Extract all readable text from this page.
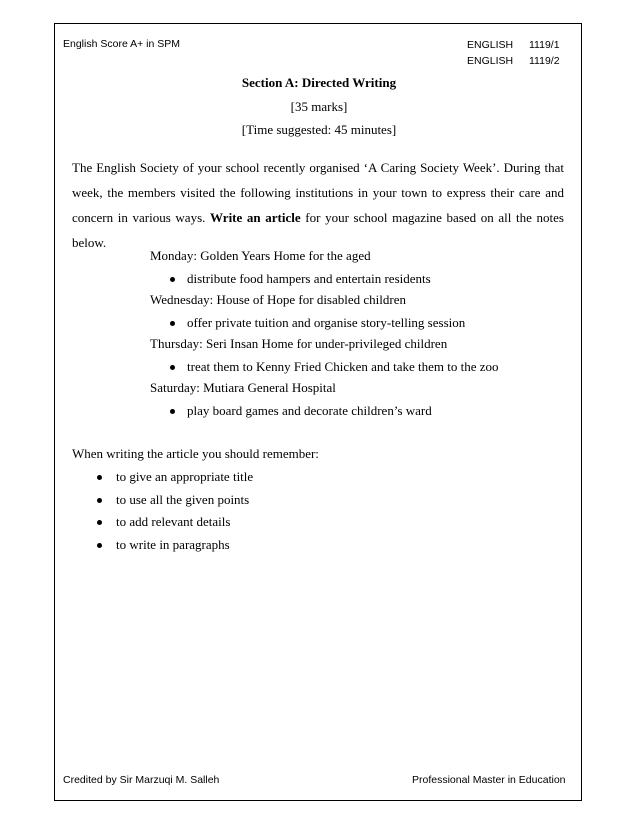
English Score A+ in SPM	ENGLISH	1119/1
ENGLISH	1119/2
Section A: Directed Writing
[35 marks]
[Time suggested: 45 minutes]
The English Society of your school recently organised ‘A Caring Society Week’. During that week, the members visited the following institutions in your town to express their care and concern in various ways. Write an article for your school magazine based on all the notes below.
Monday: Golden Years Home for the aged
distribute food hampers and entertain residents
Wednesday: House of Hope for disabled children
offer private tuition and organise story-telling session
Thursday: Seri Insan Home for under-privileged children
treat them to Kenny Fried Chicken and take them to the zoo
Saturday: Mutiara General Hospital
play board games and decorate children’s ward
When writing the article you should remember:
to give an appropriate title
to use all the given points
to add relevant details
to write in paragraphs
Credited by Sir Marzuqi M. Salleh	Professional Master in Education
